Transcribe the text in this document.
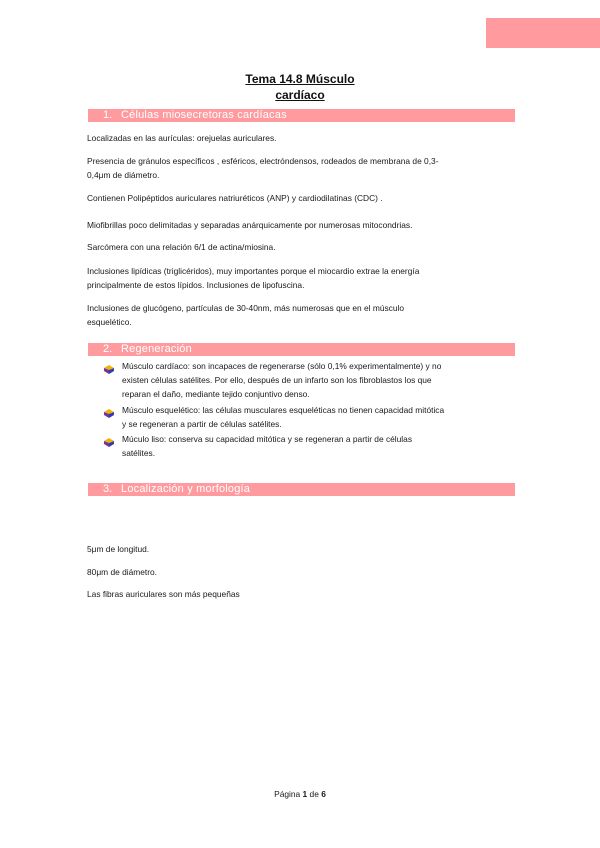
Tema 14.8 Músculo
cardíaco
1. Células miosecretoras cardíacas
Localizadas en las aurículas: orejuelas auriculares.
Presencia de gránulos específicos , esféricos, electróndensos, rodeados de membrana de 0,3-
0,4μm de diámetro.
Contienen Polipéptidos auriculares natriuréticos (ANP) y cardiodilatinas (CDC) .
Miofibrillas poco delimitadas y separadas anárquicamente por numerosas mitocondrias.
Sarcómera con una relación 6/1 de actina/miosina.
Inclusiones lipídicas (triglicéridos), muy importantes porque el miocardio extrae la energía
principalmente de estos lípidos. Inclusiones de lipofuscina.
Inclusiones de glucógeno, partículas de 30-40nm, más numerosas que en el músculo
esquelético.
2. Regeneración
Músculo cardíaco: son incapaces de regenerarse (sólo 0,1% experimentalmente) y no
existen células satélites. Por ello, después de un infarto son los fibroblastos los que
reparan el daño, mediante tejido conjuntivo denso.
Músculo esquelético: las células musculares esqueléticas no tienen capacidad mitótica
y se regeneran a partir de células satélites.
Múculo liso: conserva su capacidad mitótica y se regeneran a partir de células
satélites.
3. Localización y morfología
5μm de longitud.
80μm de diámetro.
Las fibras auriculares son más pequeñas
Página 1 de 6
